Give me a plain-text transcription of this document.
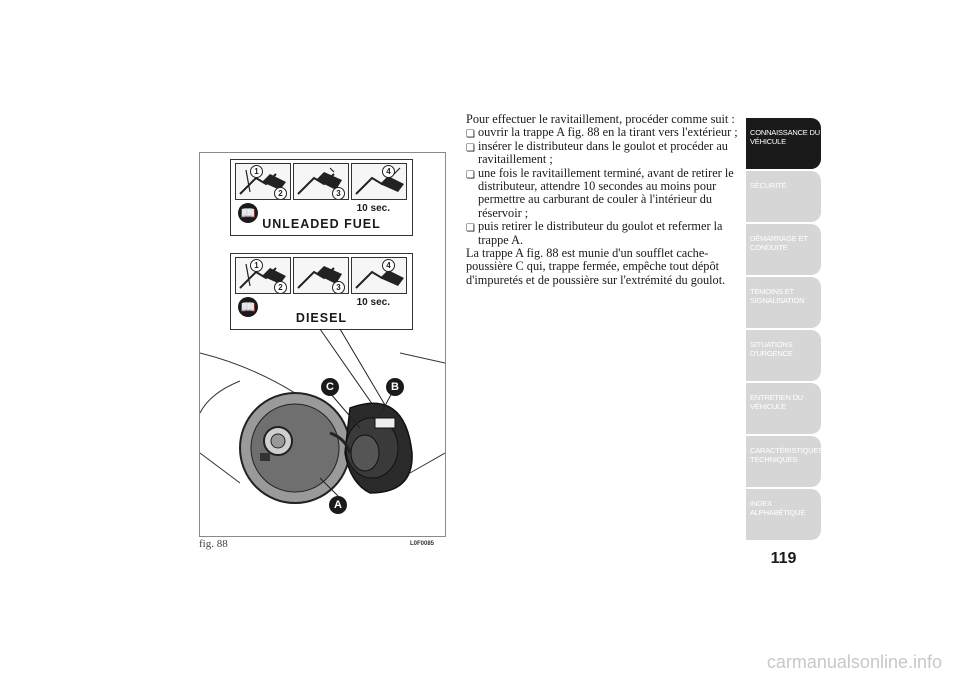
1
2	3
4
📖	10 sec.
UNLEADED FUEL
1
2	3
4
📖	10 sec.
DIESEL
C	B
A
fig. 88	L0F0085

Pour effectuer le ravitaillement, procéder comme suit :

❏ ouvrir la trappe A fig. 88 en la tirant vers l'extérieur ;
❏ insérer le distributeur dans le goulot et procéder au ravitaillement ;
❏ une fois le ravitaillement terminé, avant de retirer le distributeur, attendre 10 secondes au moins pour permettre au carburant de couler à l'intérieur du réservoir ;
❏ puis retirer le distributeur du goulot et refermer la trappe A.

La trappe A fig. 88 est munie d'un soufflet cache-poussière C qui, trappe fermée, empêche tout dépôt d'impuretés et de poussière sur l'extrémité du goulot.

CONNAISSANCE DU VÉHICULE
SÉCURITÉ
DÉMARRAGE ET CONDUITE
TÉMOINS ET SIGNALISATION
SITUATIONS D'URGENCE
ENTRETIEN DU VÉHICULE
CARACTÉRISTIQUES TECHNIQUES
INDEX ALPHABÉTIQUE
119
carmanualsonline.info
